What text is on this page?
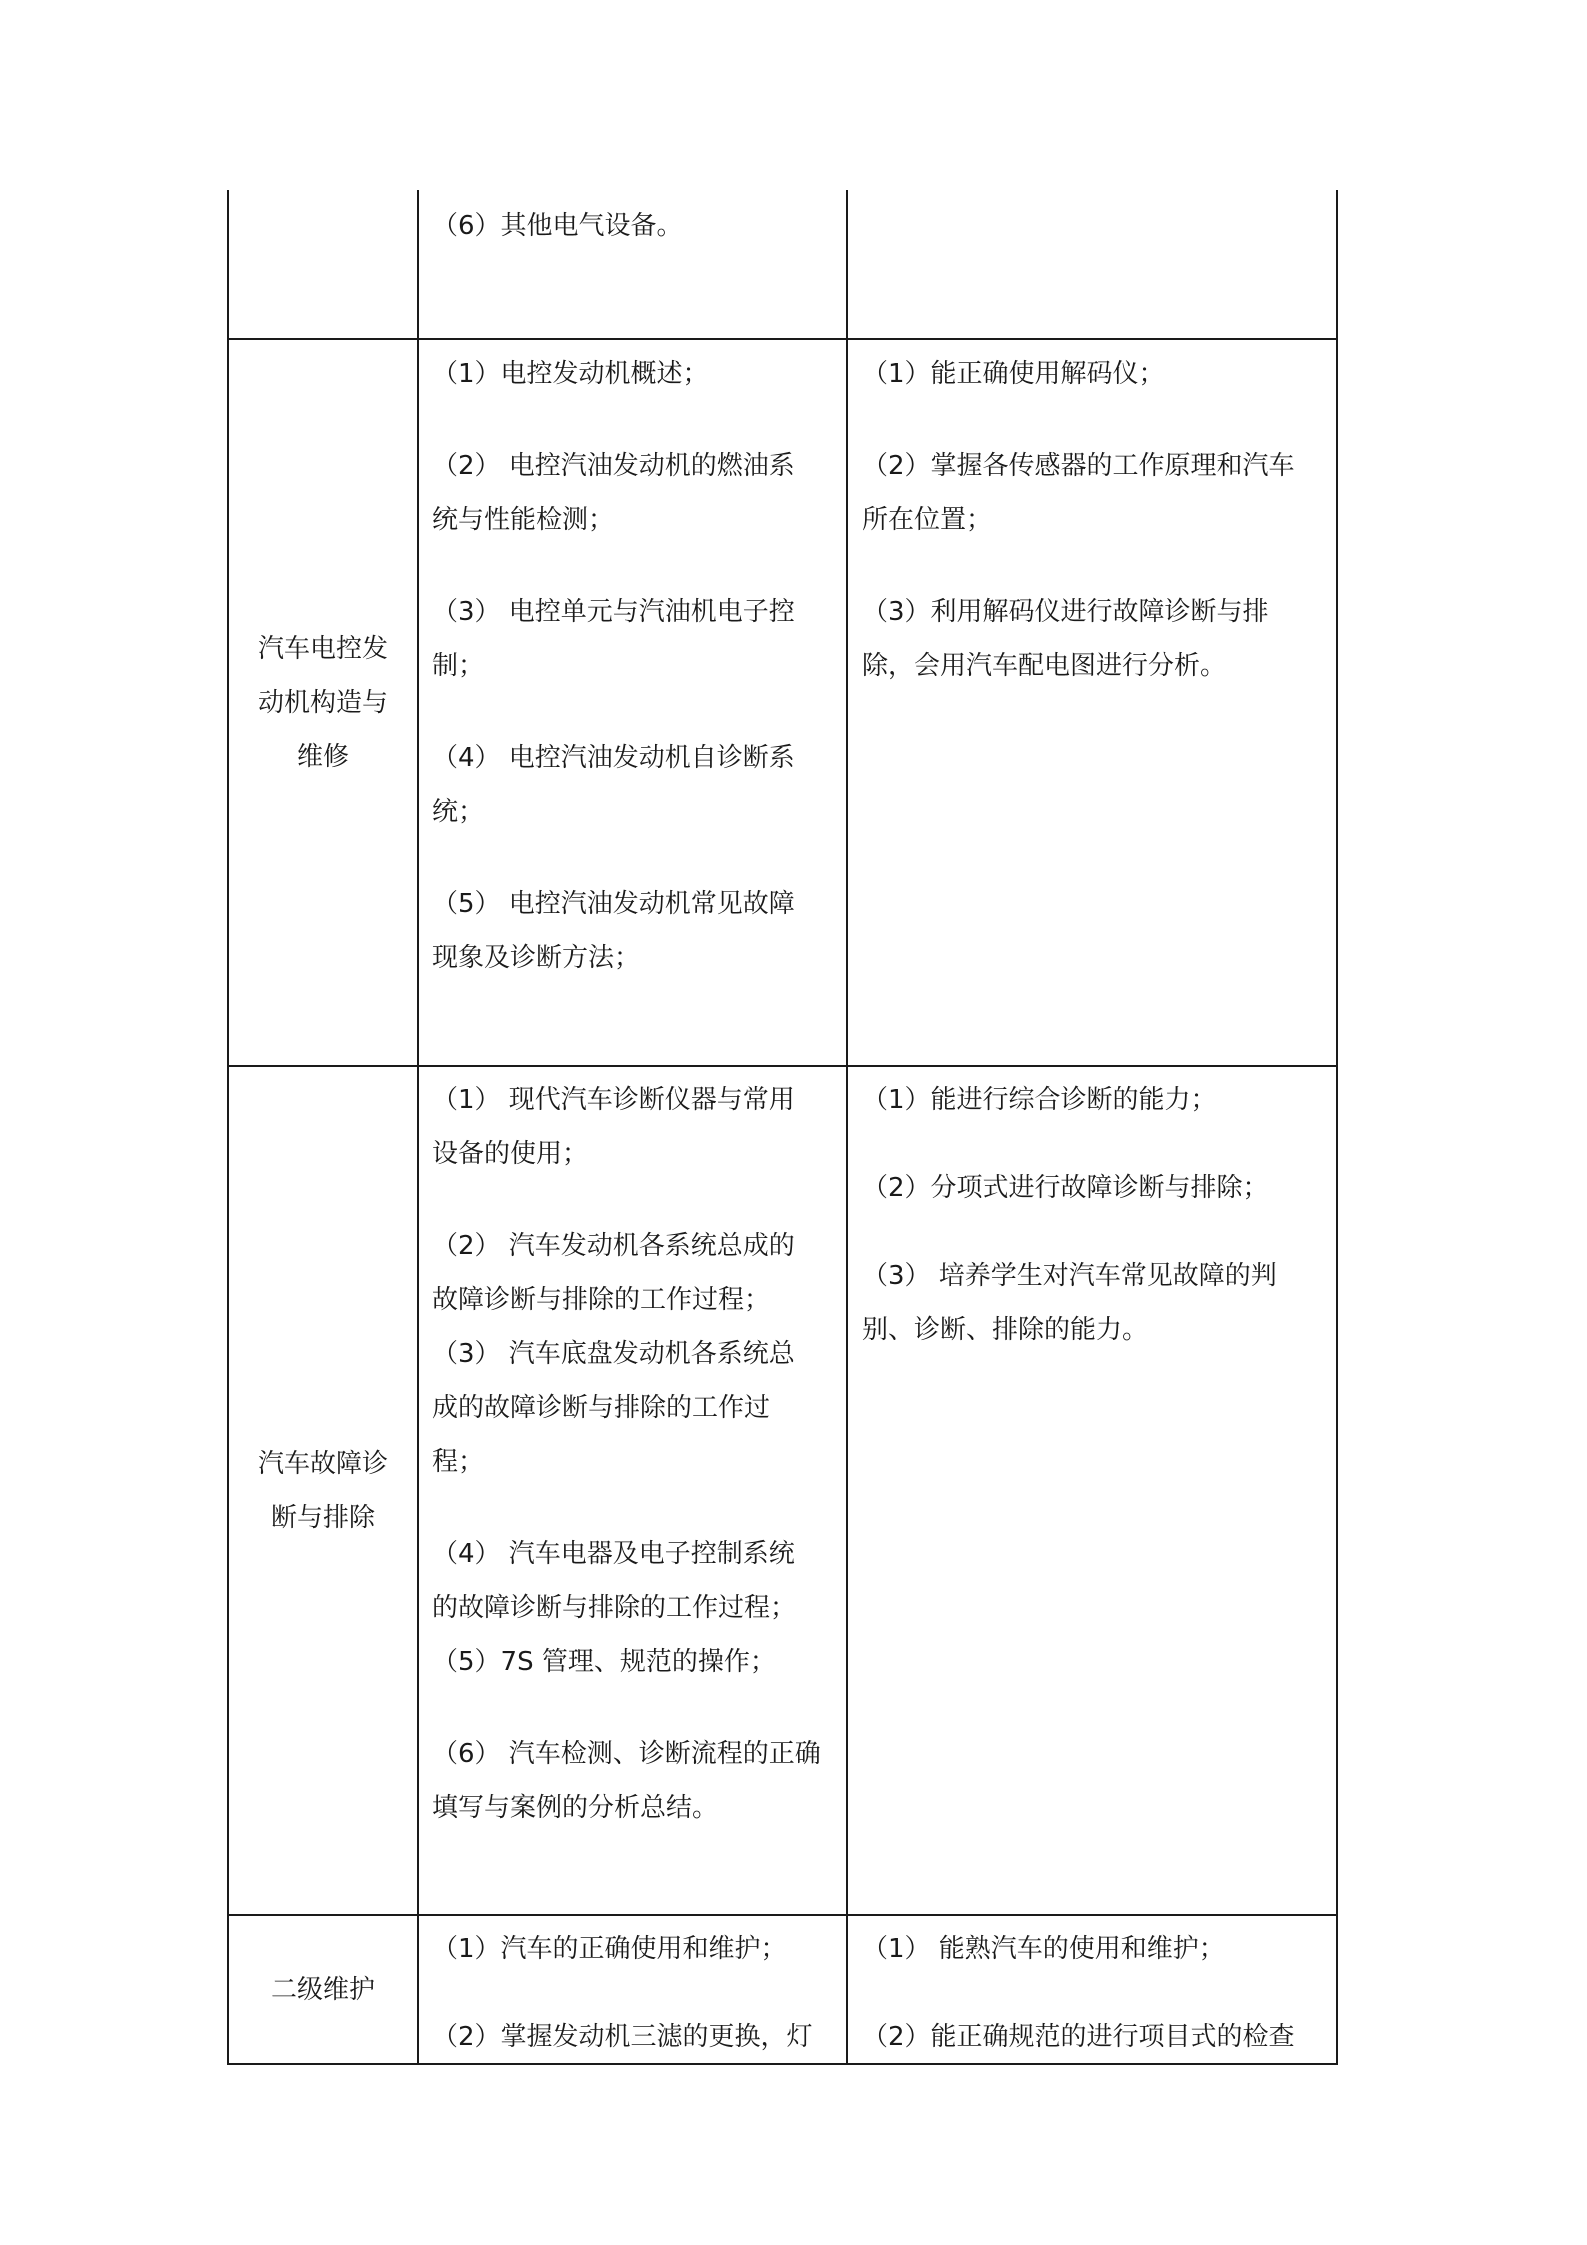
（6）其他电气设备。

汽车电控发
动机构造与
维修

（1）电控发动机概述；

（2） 电控汽油发动机的燃油系

统与性能检测；

（3） 电控单元与汽油机电子控

制；

（4） 电控汽油发动机自诊断系

统；

（5） 电控汽油发动机常见故障

现象及诊断方法；

（1）能正确使用解码仪；

（2）掌握各传感器的工作原理和汽车

所在位置；

（3）利用解码仪进行故障诊断与排

除，会用汽车配电图进行分析。

汽车故障诊
断与排除

（1） 现代汽车诊断仪器与常用

设备的使用；

（2） 汽车发动机各系统总成的

故障诊断与排除的工作过程；

（3） 汽车底盘发动机各系统总

成的故障诊断与排除的工作过

程；

（4） 汽车电器及电子控制系统

的故障诊断与排除的工作过程；

（5）7S 管理、规范的操作；

（6） 汽车检测、诊断流程的正确

填写与案例的分析总结。

（1）能进行综合诊断的能力；

（2）分项式进行故障诊断与排除；

（3） 培养学生对汽车常见故障的判

别、诊断、排除的能力。

二级维护

（1）汽车的正确使用和维护；

（2）掌握发动机三滤的更换，灯

（1） 能熟汽车的使用和维护；

（2）能正确规范的进行项目式的检查
